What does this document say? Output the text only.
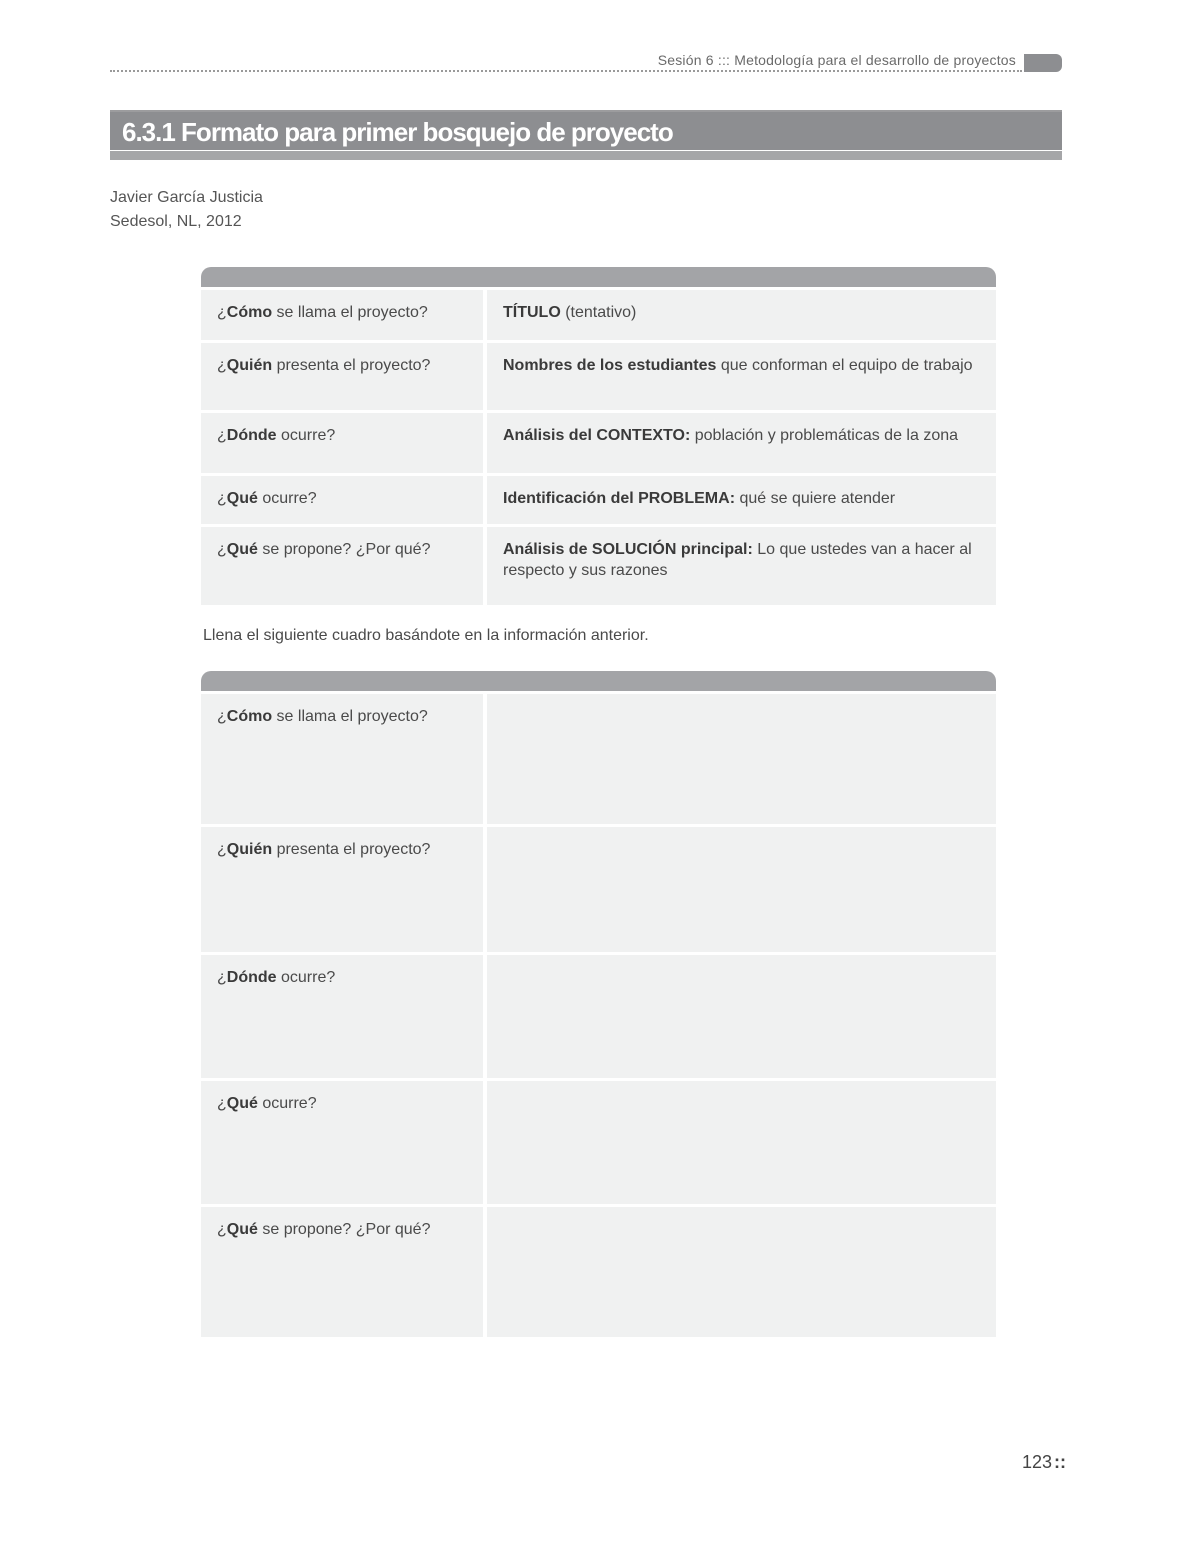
Sesión 6 ::: Metodología para el desarrollo de proyectos
6.3.1 Formato para primer bosquejo de proyecto
Javier García Justicia
Sedesol, NL, 2012
¿Cómo se llama el proyecto?	TÍTULO (tentativo)
¿Quién presenta el proyecto?	Nombres de los estudiantes que conforman el equipo de trabajo
¿Dónde ocurre?	Análisis del CONTEXTO: población y problemáticas de la zona
¿Qué ocurre?	Identificación del PROBLEMA: qué se quiere atender
¿Qué se propone? ¿Por qué?	Análisis de SOLUCIÓN principal: Lo que ustedes van a hacer al respecto y sus razones
Llena el siguiente cuadro basándote en la información anterior.
¿Cómo se llama el proyecto?
¿Quién presenta el proyecto?
¿Dónde ocurre?
¿Qué ocurre?
¿Qué se propone? ¿Por qué?
123 ::
